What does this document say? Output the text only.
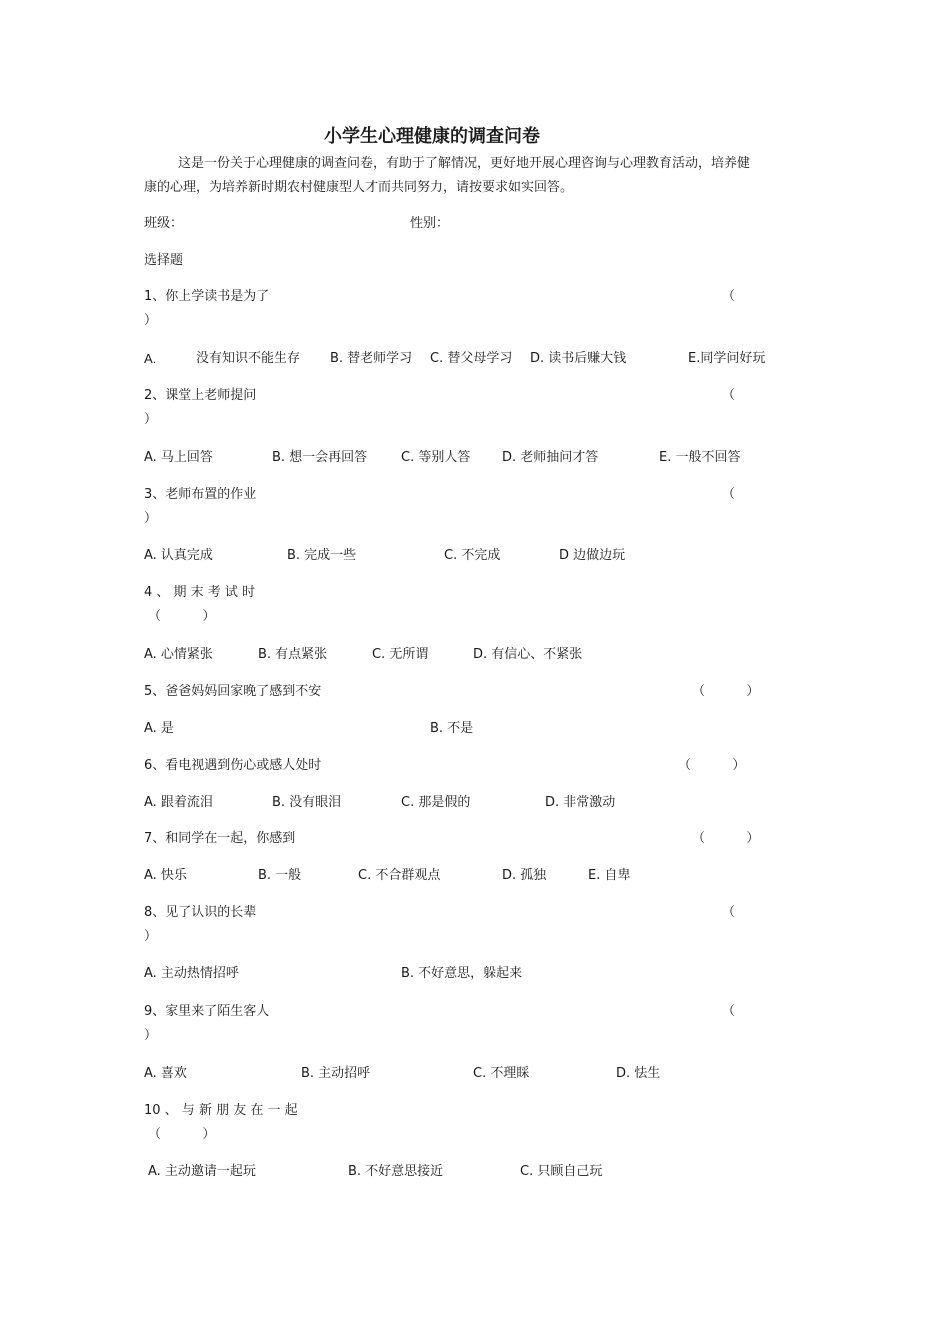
小学生心理健康的调查问卷
这是一份关于心理健康的调查问卷，有助于了解情况，更好地开展心理咨询与心理教育活动，培养健
康的心理，为培养新时期农村健康型人才而共同努力，请按要求如实回答。
班级：	性别：
选择题
1、你上学读书是为了	（
）
A.	没有知识不能生存 B. 替老师学习 C. 替父母学习 D. 读书后赚大钱	E.同学问好玩
2、课堂上老师提问	（
）
A. 马上回答	B. 想一会再回答	C. 等别人答 D. 老师抽问才答	E. 一般不回答
3、老师布置的作业	（
）
A. 认真完成	B. 完成一些	C. 不完成	D 边做边玩
4 、 期 末 考 试 时
（          ）
A. 心情紧张	B. 有点紧张	C. 无所谓	D. 有信心、不紧张
5、爸爸妈妈回家晚了感到不安	（          ）
A. 是	B. 不是
6、看电视遇到伤心或感人处时	（          ）
A. 跟着流泪	B. 没有眼泪	C. 那是假的	D. 非常激动
7、和同学在一起，你感到	（          ）
A. 快乐	B. 一般	C. 不合群观点	D. 孤独	E. 自卑
8、见了认识的长辈	（
）
A. 主动热情招呼	B. 不好意思，躲起来
9、家里来了陌生客人	（
）
A. 喜欢	B. 主动招呼	C. 不理睬	D. 怯生
10 、 与 新 朋 友 在 一 起
（          ）
A. 主动邀请一起玩	B. 不好意思接近	C. 只顾自己玩
